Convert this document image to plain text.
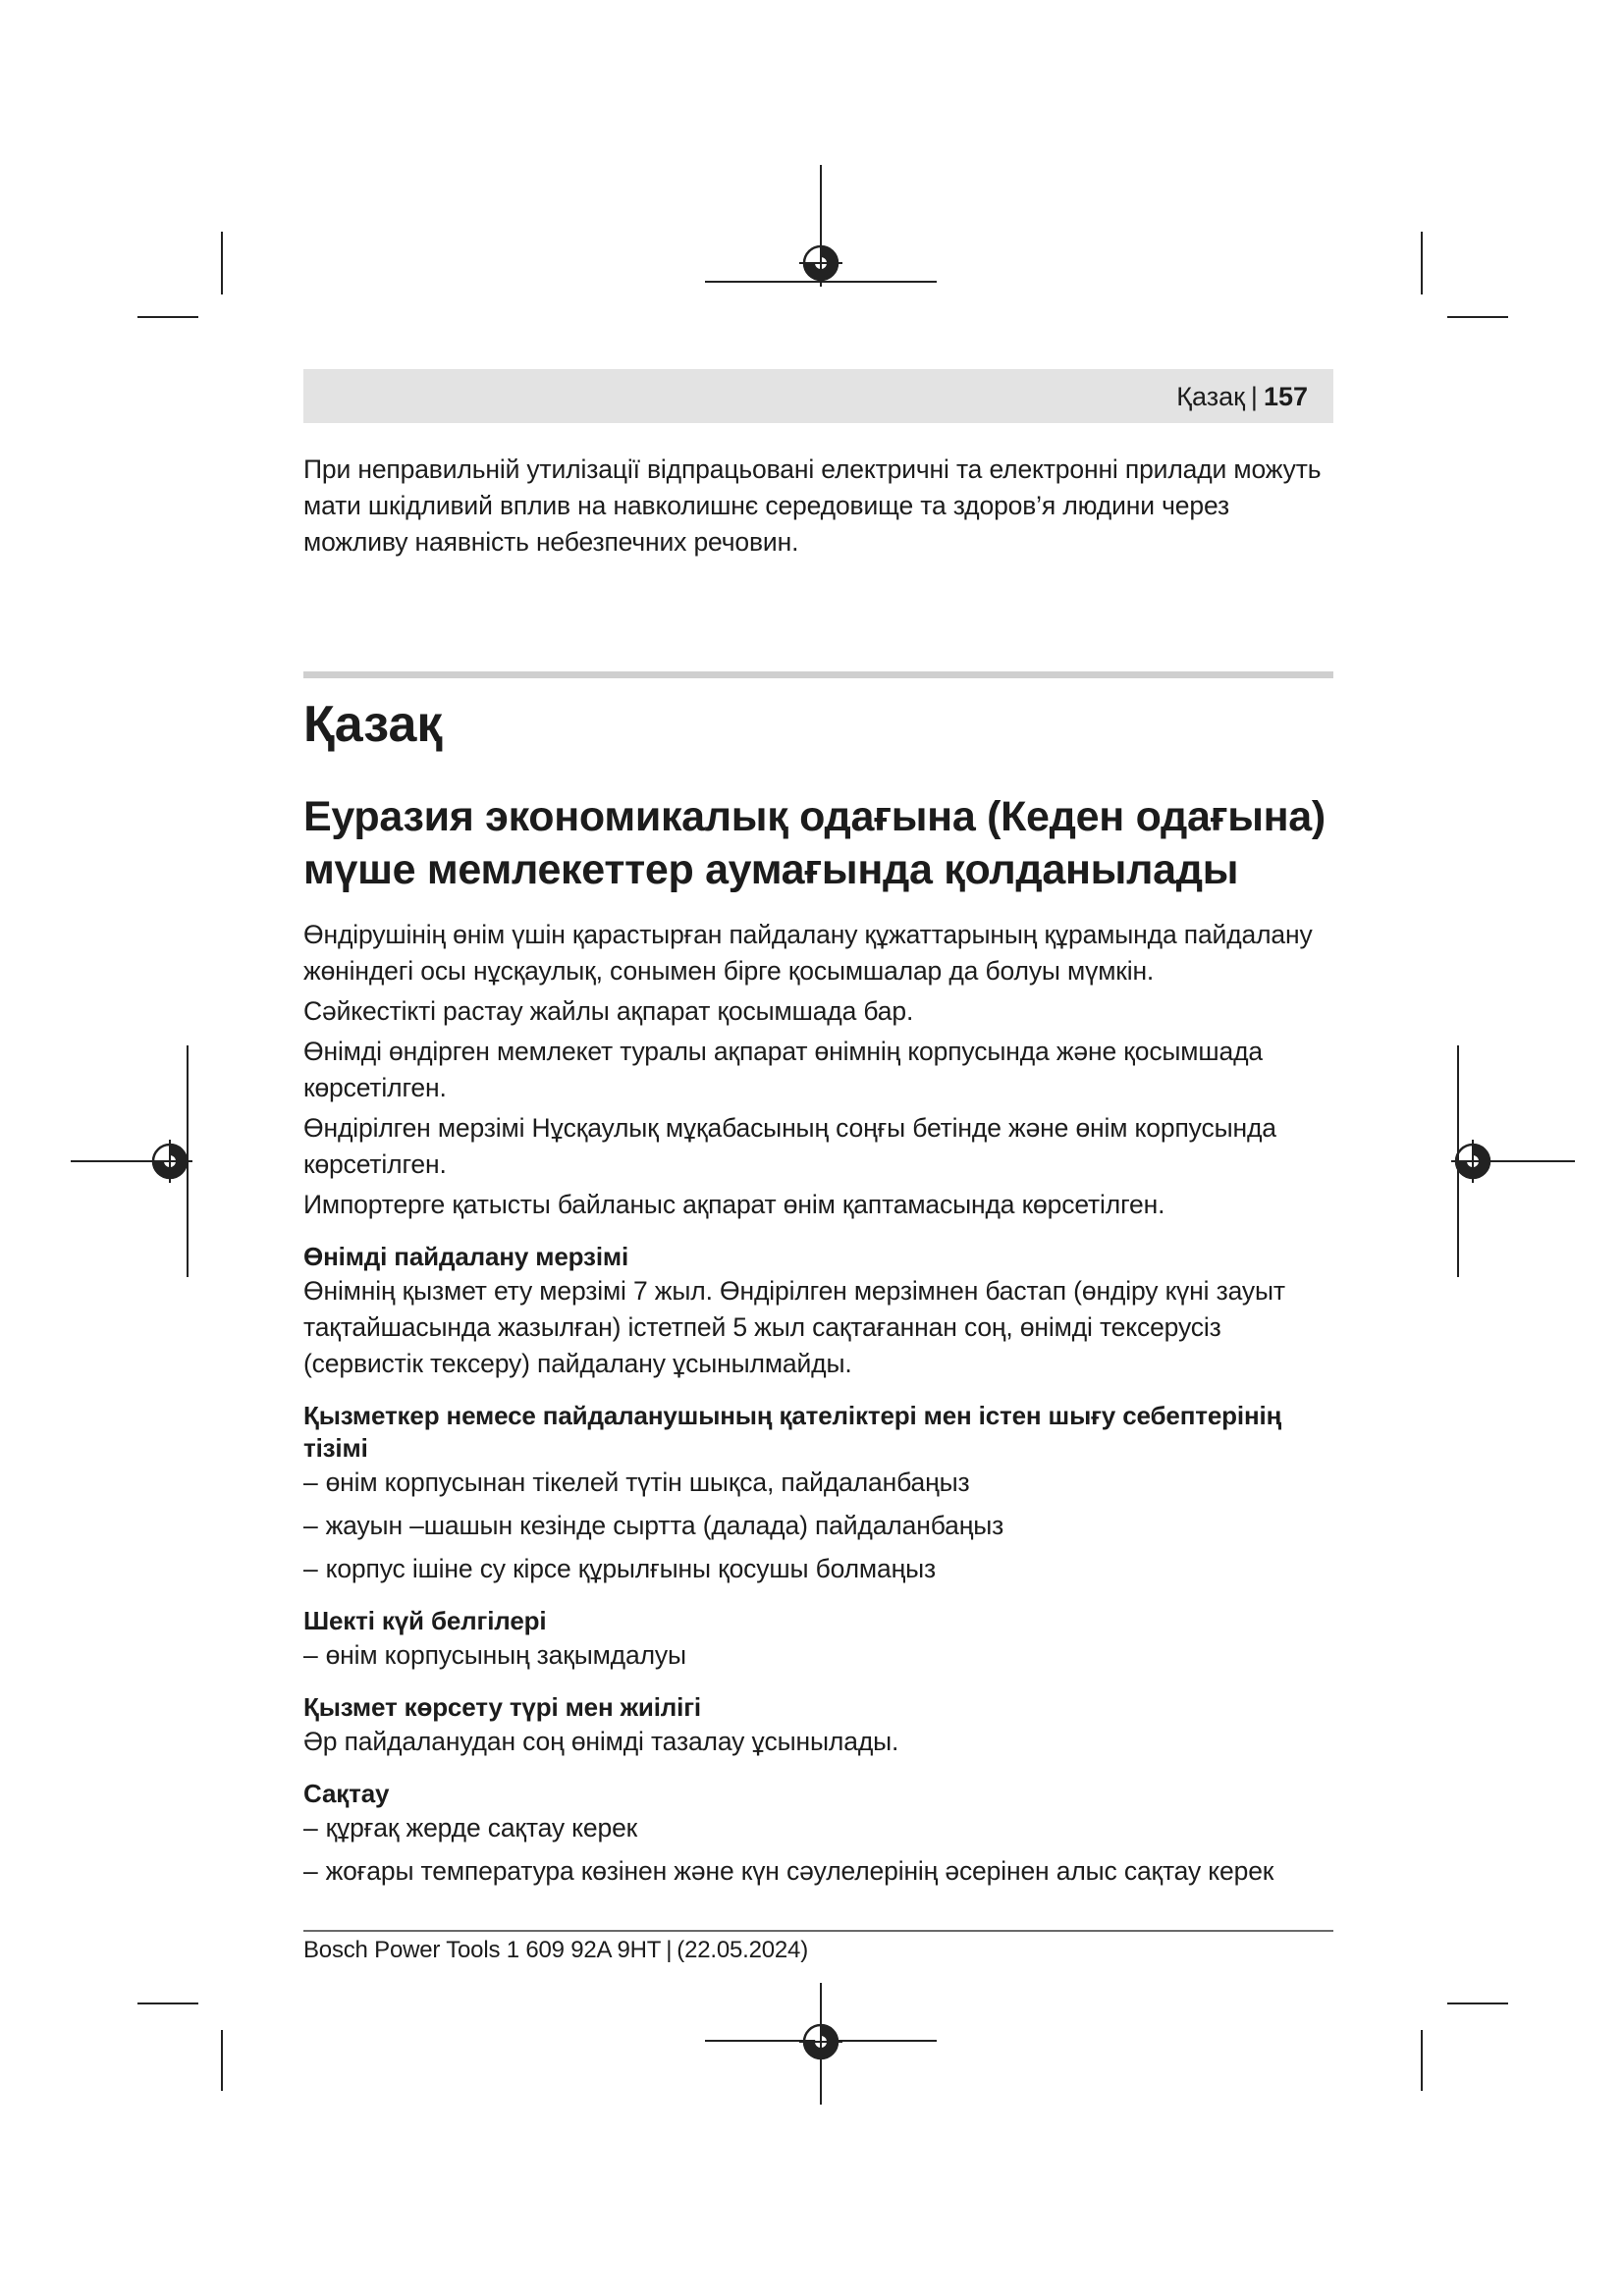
Қазақ | 157

При неправильній утилізації відпрацьовані електричні та електронні прилади можуть мати шкідливий вплив на навколишнє середовище та здоров’я людини через можливу наявність небезпечних речовин.

Қазақ
Еуразия экономикалық одағына (Кеден одағына) мүше мемлекеттер аумағында қолданылады

Өндірушінің өнім үшін қарастырған пайдалану құжаттарының құрамында пайдалану жөніндегі осы нұсқаулық, сонымен бірге қосымшалар да болуы мүмкін.

Сәйкестікті растау жайлы ақпарат қосымшада бар.

Өнімді өндірген мемлекет туралы ақпарат өнімнің корпусында және қосымшада көрсетілген.

Өндірілген мерзімі Нұсқаулық мұқабасының соңғы бетінде және өнім корпусында көрсетілген.

Импортерге қатысты байланыс ақпарат өнім қаптамасында көрсетілген.

Өнімді пайдалану мерзімі

Өнімнің қызмет ету мерзімі 7 жыл. Өндірілген мерзімнен бастап (өндіру күні зауыт тақтайшасында жазылған) істетпей 5 жыл сақтағаннан соң, өнімді тексерусіз (сервистік тексеру) пайдалану ұсынылмайды.

Қызметкер немесе пайдаланушының қателіктері мен істен шығу себептерінің тізімі
– өнім корпусынан тікелей түтін шықса, пайдаланбаңыз
– жауын –шашын кезінде сыртта (далада) пайдаланбаңыз
– корпус ішіне су кірсе құрылғыны қосушы болмаңыз
Шекті күй белгілері
– өнім корпусының зақымдалуы
Қызмет көрсету түрі мен жиілігі

Әр пайдаланудан соң өнімді тазалау ұсынылады.

Сақтау
– құрғақ жерде сақтау керек
– жоғары температура көзінен және күн сәулелерінің әсерінен алыс сақтау керек
Bosch Power Tools 1 609 92A 9HT | (22.05.2024)
